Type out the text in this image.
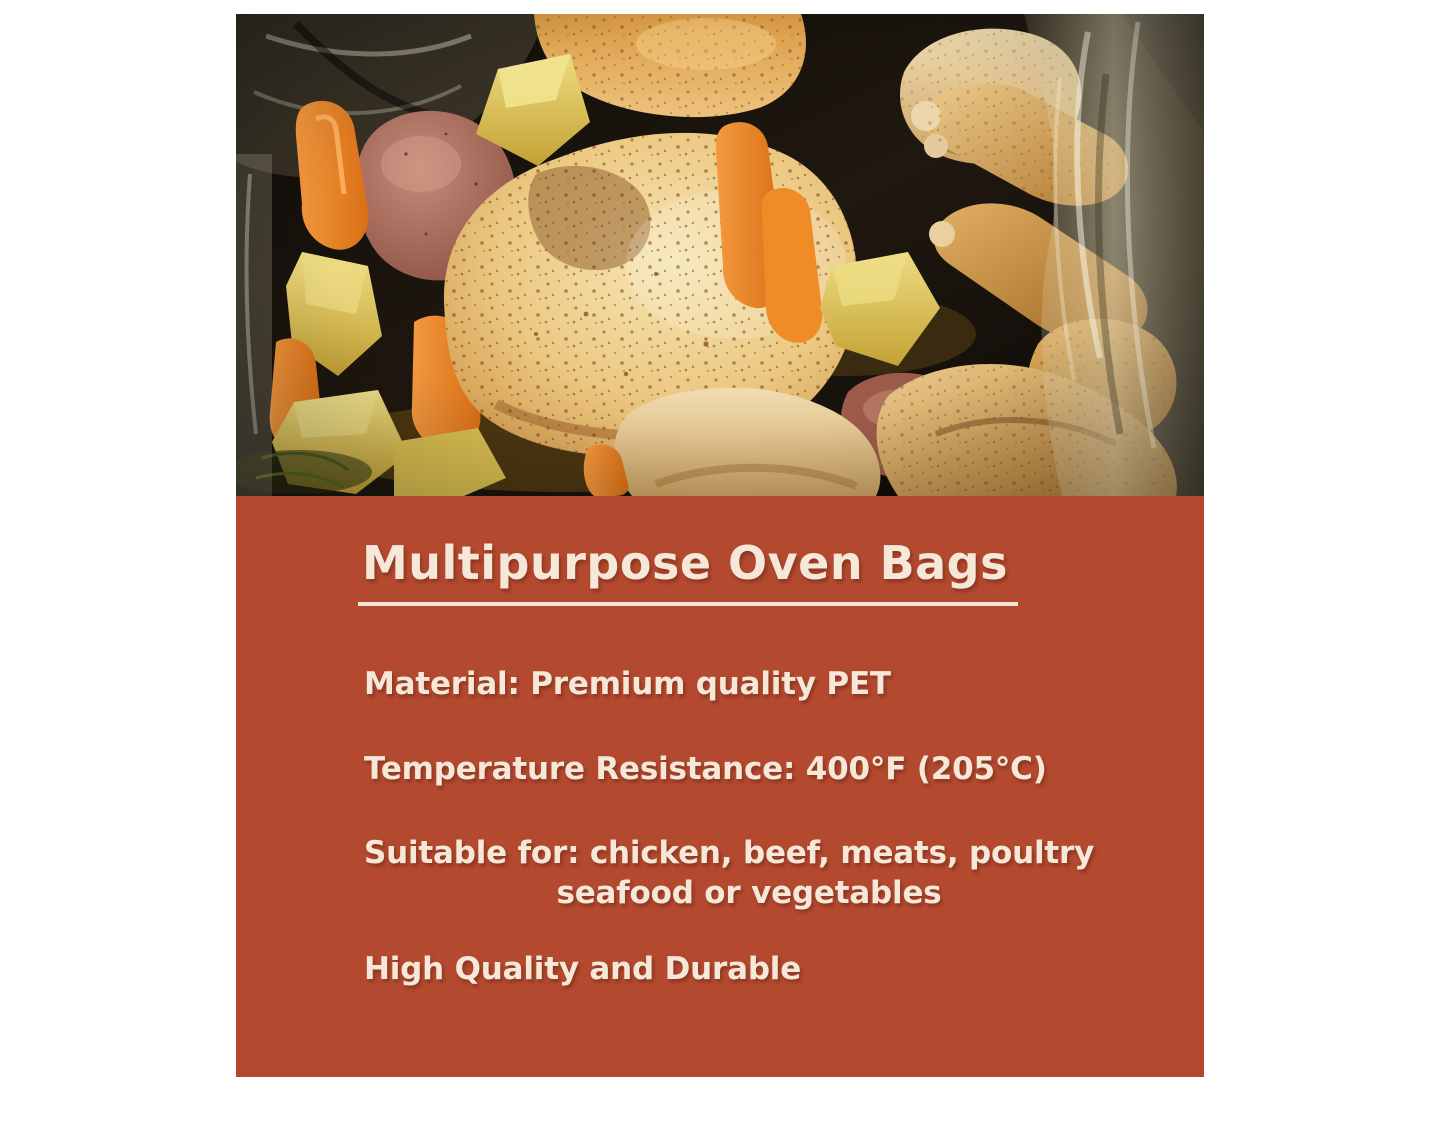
Multipurpose Oven Bags

Material: Premium quality PET

Temperature Resistance: 400°F (205°C)

Suitable for: chicken, beef, meats, poultry
seafood or vegetables

High Quality and Durable
